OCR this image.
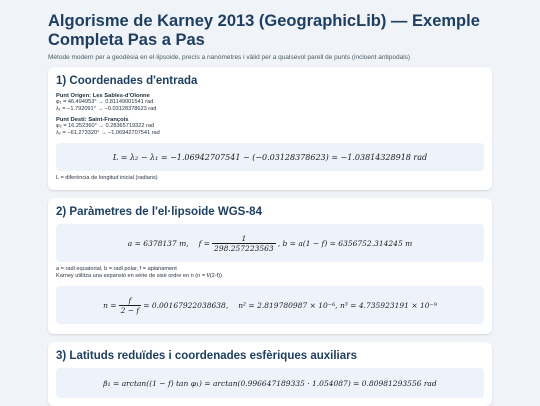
Algorisme de Karney 2013 (GeographicLib) — Exemple Completa Pas a Pas
Mètode modern per a geodèsia en el·lipsoide, precís a nanòmetres i vàlid per a qualsevol parell de punts (incloent antipodals)
1) Coordenades d'entrada
Punt Origen: Les Sables-d'Olonne
φ₁ = 46.494953° → 0.81149001541 rad
λ₁ = −1.792091° → −0.03128378623 rad
Punt Destí: Saint-François
φ₂ = 16.252360° → 0.28365719322 rad
λ₂ = −61.273320° → −1.06942707541 rad
L = λ₂ − λ₁ = −1.06942707541 − (−0.03128378623) = −1.03814328918 rad
L = diferència de longitud inicial (radians)
2) Paràmetres de l'el·lipsoide WGS-84
a = 6378137 m, $f = \frac{1}{298.257223563}$ , b = a(1 − f) = 6356752.314245 m
a = radi equatorial, b = radi polar, f = aplanament
Karney utilitza una expansió en sèrie de sisè ordre en n (n = f/(2-f))
$n = \frac{f}{2 - f} = 0.00167922038638$, n² = 2.819780987 × 10 −6 , n³ = 4.735923191 × 10 −9
3) Latituds reduïdes i coordenades esfèriques auxiliars
β₁ = arctan((1 − f) tan φ₁) = arctan(0.996647189335 · 1.054087) = 0.80981293556 rad
